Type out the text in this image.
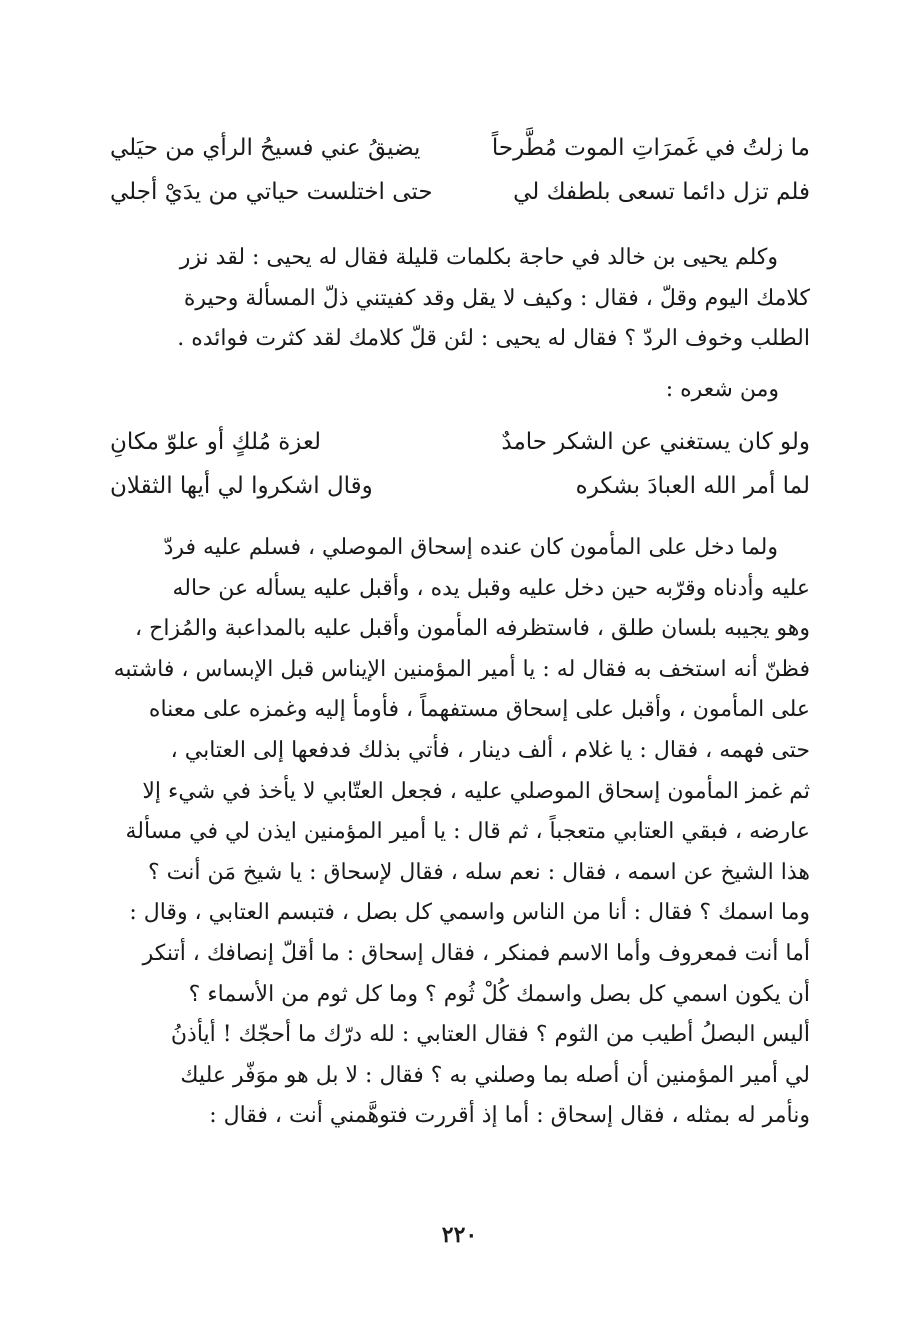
ما زلتُ في غَمرَاتِ الموت مُطَّرحاً
يضيقُ عني فسيحُ الرأي من حيَلي
فلم تزل دائما تسعى بلطفك لي
حتى اختلست حياتي من يدَيْ أجلي
وكلم يحيى بن خالد في حاجة بكلمات قليلة فقال له يحيى : لقد نزر
كلامك اليوم وقلّ ، فقال : وكيف لا يقل وقد كفيتني ذلّ المسألة وحيرة
الطلب وخوف الردّ ؟ فقال له يحيى : لئن قلّ كلامك لقد كثرت فوائده .
ومن شعره :
ولو كان يستغني عن الشكر حامدٌ
لعزة مُلكٍ أو علوّ مكانِ
لما أمر الله العبادَ بشكره
وقال اشكروا لي أيها الثقلان
ولما دخل على المأمون كان عنده إسحاق الموصلي ، فسلم عليه فردّ
عليه وأدناه وقرّبه حين دخل عليه وقبل يده ، وأقبل عليه يسأله عن حاله
وهو يجيبه بلسان طلق ، فاستظرفه المأمون وأقبل عليه بالمداعبة والمُزاح ،
فظنّ أنه استخف به فقال له : يا أمير المؤمنين الإيناس قبل الإبساس ، فاشتبه
على المأمون ، وأقبل على إسحاق مستفهماً ، فأومأ إليه وغمزه على معناه
حتى فهمه ، فقال : يا غلام ، ألف دينار ، فأتي بذلك فدفعها إلى العتابي ،
ثم غمز المأمون إسحاق الموصلي عليه ، فجعل العتّابي لا يأخذ في شيء إلا
عارضه ، فبقي العتابي متعجباً ، ثم قال : يا أمير المؤمنين ايذن لي في مسألة
هذا الشيخ عن اسمه ، فقال : نعم سله ، فقال لإسحاق : يا شيخ مَن أنت ؟
وما اسمك ؟ فقال : أنا من الناس واسمي كل بصل ، فتبسم العتابي ، وقال :
أما أنت فمعروف وأما الاسم فمنكر ، فقال إسحاق : ما أقلّ إنصافك ، أتنكر
أن يكون اسمي كل بصل واسمك كُلْ ثُوم ؟ وما كل ثوم من الأسماء ؟
أليس البصلُ أطيب من الثوم ؟ فقال العتابي : لله درّك ما أحجّك ! أيأذنُ
لي أمير المؤمنين أن أصله بما وصلني به ؟ فقال : لا بل هو موَفّر عليك
ونأمر له بمثله ، فقال إسحاق : أما إذ أقررت فتوهَّمني أنت ، فقال :
٢٢٠
